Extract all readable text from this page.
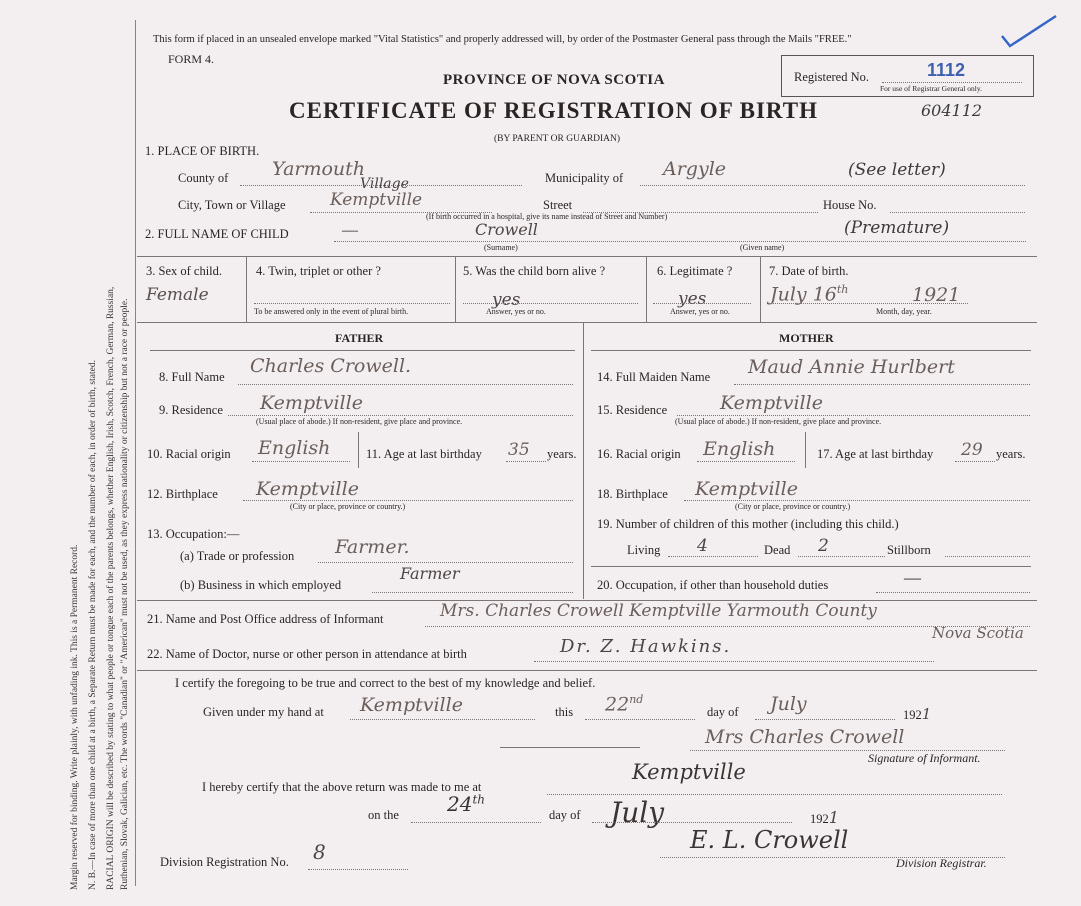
Margin reserved for binding. Write plainly, with unfading ink. This is a Permanent Record. N. B.—In case of more than one child at a birth, a Separate Return must be made for each, and the number of each, in order of birth, stated. RACIAL ORIGIN will be described by stating to what people or tongue each of the parents belongs, whether English, Irish, Scotch, French, German, Russian, Ruthenian, Slovak, Galician, etc. The words "Canadian" or "American" must not be used, as they express nationality or citizenship but not a race or people.
This form if placed in an unsealed envelope marked "Vital Statistics" and properly addressed will, by order of the Postmaster General pass through the Mails "FREE."
FORM 4.
PROVINCE OF NOVA SCOTIA
CERTIFICATE OF REGISTRATION OF BIRTH
(BY PARENT OR GUARDIAN)
Registered No.	1112
For use of Registrar General only.
604112
1. PLACE OF BIRTH.
County of Yarmouth	Municipality of Argyle	(See letter)
City, Town or Village
Village
Kemptville	Street	House No.
(If birth occurred in a hospital, give its name instead of Street and Number)
2. FULL NAME OF CHILD	—	Crowell
(Surname)
(Premature)
(Given name)
3. Sex of child.
Female
4. Twin, triplet or other ?
To be answered only in the event of plural birth.
5. Was the child born alive ?
yes
Answer, yes or no.
6. Legitimate ?
yes
Answer, yes or no.
7. Date of birth.
July 16th	1921
Month, day, year.
FATHER	MOTHER
8. Full Name Charles Crowell.
9. Residence Kemptville
(Usual place of abode.) If non-resident, give place and province.
10. Racial origin English	11. Age at last birthday 35 years.
12. Birthplace Kemptville
(City or place, province or country.)
13. Occupation:—
(a) Trade or profession Farmer.
(b) Business in which employed
Farmer
14. Full Maiden Name Maud Annie Hurlbert
15. Residence	Kemptville
(Usual place of abode.) If non-resident, give place and province.
16. Racial origin English	17. Age at last birthday 29 years.
18. Birthplace Kemptville
(City or place, province or country.)
19. Number of children of this mother (including this child.)
Living 4	Dead 2	Stillborn
20. Occupation, if other than household duties	—
21. Name and Post Office address of Informant	Mrs. Charles Crowell Kemptville Yarmouth County
Nova Scotia
22. Name of Doctor, nurse or other person in attendance at birth	Dr. Z. Hawkins.
I certify the foregoing to be true and correct to the best of my knowledge and belief.
Given under my hand at Kemptville	this 22nd
day of July	1921
Mrs Charles Crowell
Signature of Informant.
I hereby certify that the above return was made to me at
Kemptville
on the 24th
day of July	1921
E. L. Crowell
Division Registrar.
Division Registration No. 8
